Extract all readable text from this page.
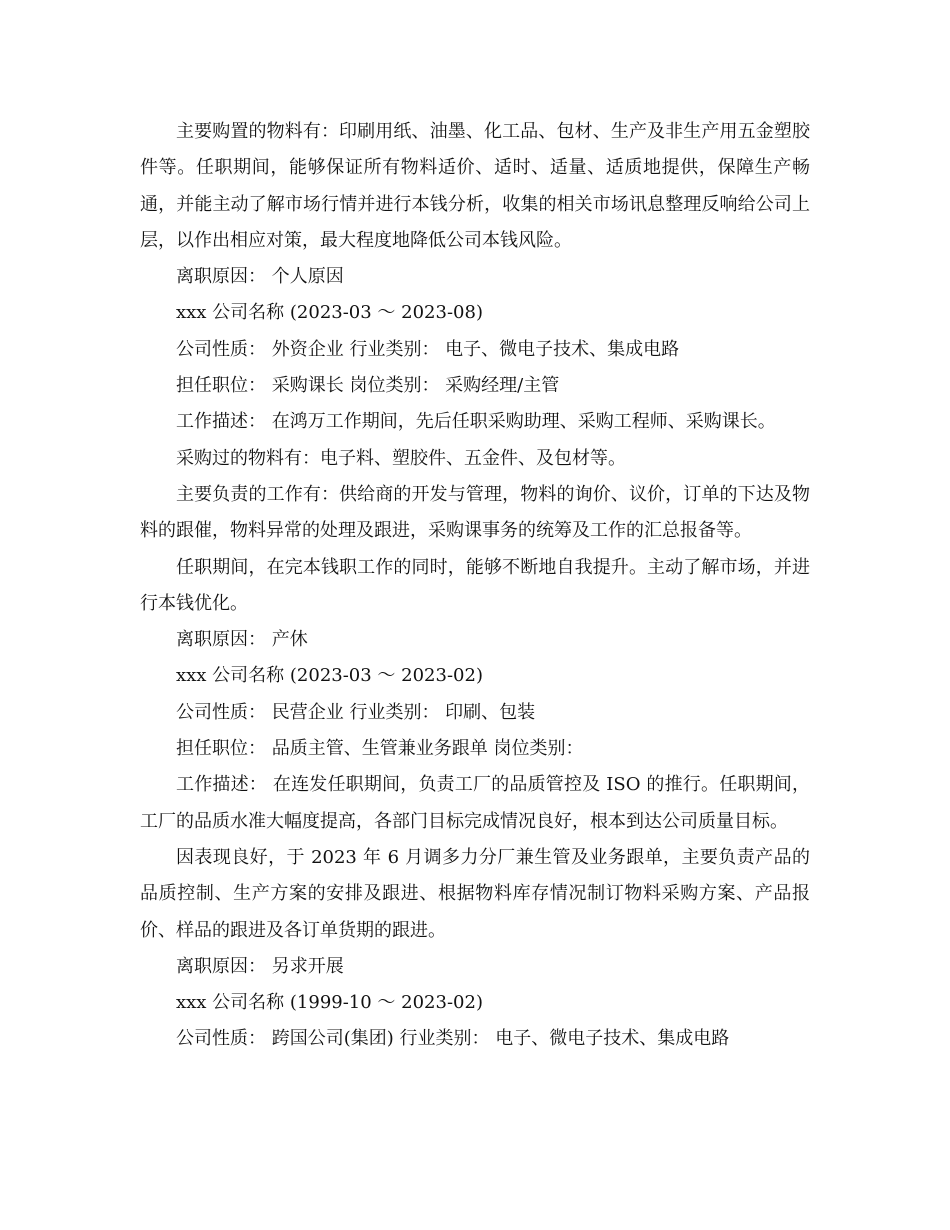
主要购置的物料有：印刷用纸、油墨、化工品、包材、生产及非生产用五金塑胶件等。任职期间，能够保证所有物料适价、适时、适量、适质地提供，保障生产畅通，并能主动了解市场行情并进行本钱分析，收集的相关市场讯息整理反响给公司上层，以作出相应对策，最大程度地降低公司本钱风险。

离职原因： 个人原因

xxx 公司名称 (2023-03 ～ 2023-08)

公司性质： 外资企业 行业类别： 电子、微电子技术、集成电路

担任职位： 采购课长 岗位类别： 采购经理/主管

工作描述： 在鸿万工作期间，先后任职采购助理、采购工程师、采购课长。

采购过的物料有：电子料、塑胶件、五金件、及包材等。

主要负责的工作有：供给商的开发与管理，物料的询价、议价，订单的下达及物料的跟催，物料异常的处理及跟进，采购课事务的统筹及工作的汇总报备等。

任职期间，在完本钱职工作的同时，能够不断地自我提升。主动了解市场，并进行本钱优化。

离职原因： 产休

xxx 公司名称 (2023-03 ～ 2023-02)

公司性质： 民营企业 行业类别： 印刷、包装

担任职位： 品质主管、生管兼业务跟单 岗位类别：

工作描述： 在连发任职期间，负责工厂的品质管控及 ISO 的推行。任职期间，工厂的品质水准大幅度提高，各部门目标完成情况良好，根本到达公司质量目标。

因表现良好，于 2023 年 6 月调多力分厂兼生管及业务跟单，主要负责产品的品质控制、生产方案的安排及跟进、根据物料库存情况制订物料采购方案、产品报价、样品的跟进及各订单货期的跟进。

离职原因： 另求开展

xxx 公司名称 (1999-10 ～ 2023-02)

公司性质： 跨国公司(集团) 行业类别： 电子、微电子技术、集成电路
